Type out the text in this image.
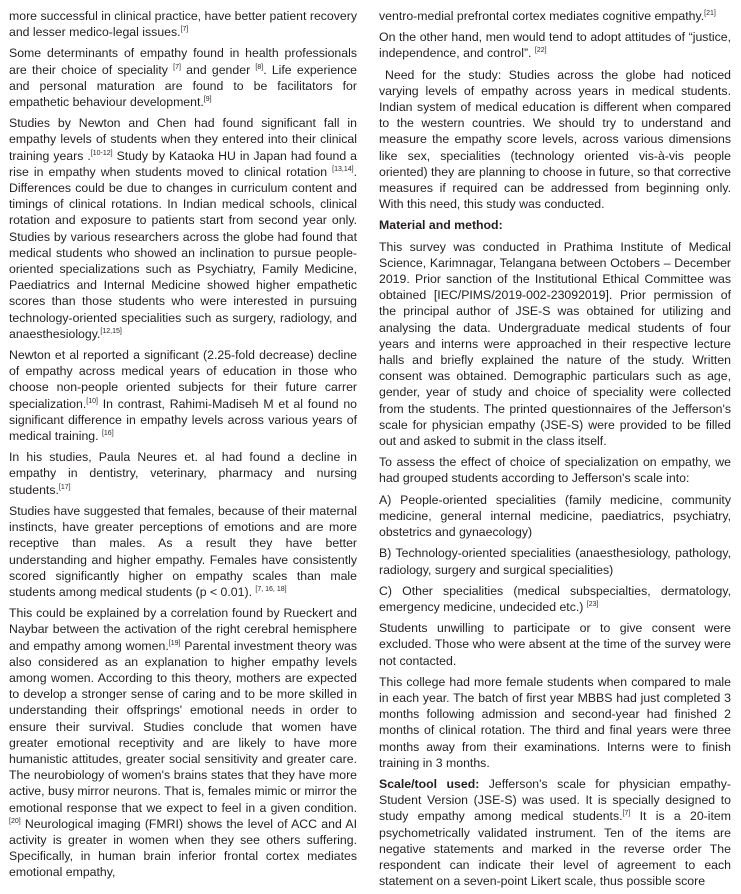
more successful in clinical practice, have better patient recovery and lesser medico-legal issues.[7]

Some determinants of empathy found in health professionals are their choice of speciality [7] and gender [8]. Life experience and personal maturation are found to be facilitators for empathetic behaviour development.[9]

Studies by Newton and Chen had found significant fall in empathy levels of students when they entered into their clinical training years .[10-12] Study by Kataoka HU in Japan had found a rise in empathy when students moved to clinical rotation [13,14]. Differences could be due to changes in curriculum content and timings of clinical rotations. In Indian medical schools, clinical rotation and exposure to patients start from second year only. Studies by various researchers across the globe had found that medical students who showed an inclination to pursue people-oriented specializations such as Psychiatry, Family Medicine, Paediatrics and Internal Medicine showed higher empathetic scores than those students who were interested in pursuing technology-oriented specialities such as surgery, radiology, and anaesthesiology.[12,15]

Newton et al reported a significant (2.25-fold decrease) decline of empathy across medical years of education in those who choose non-people oriented subjects for their future carrer specialization.[10] In contrast, Rahimi-Madiseh M et al found no significant difference in empathy levels across various years of medical training. [16]

In his studies, Paula Neures et. al had found a decline in empathy in dentistry, veterinary, pharmacy and nursing students.[17]

Studies have suggested that females, because of their maternal instincts, have greater perceptions of emotions and are more receptive than males. As a result they have better understanding and higher empathy. Females have consistently scored significantly higher on empathy scales than male students among medical students (p < 0.01). [7, 16, 18]

This could be explained by a correlation found by Rueckert and Naybar between the activation of the right cerebral hemisphere and empathy among women.[19] Parental investment theory was also considered as an explanation to higher empathy levels among women. According to this theory, mothers are expected to develop a stronger sense of caring and to be more skilled in understanding their offsprings' emotional needs in order to ensure their survival. Studies conclude that women have greater emotional receptivity and are likely to have more humanistic attitudes, greater social sensitivity and greater care. The neurobiology of women's brains states that they have more active, busy mirror neurons. That is, females mimic or mirror the emotional response that we expect to feel in a given condition.[20] Neurological imaging (FMRI) shows the level of ACC and AI activity is greater in women when they see others suffering. Specifically, in human brain inferior frontal cortex mediates emotional empathy,

ventro-medial prefrontal cortex mediates cognitive empathy.[21]

On the other hand, men would tend to adopt attitudes of “justice, independence, and control”. [22]

Need for the study: Studies across the globe had noticed varying levels of empathy across years in medical students. Indian system of medical education is different when compared to the western countries. We should try to understand and measure the empathy score levels, across various dimensions like sex, specialities (technology oriented vis-à-vis people oriented) they are planning to choose in future, so that corrective measures if required can be addressed from beginning only. With this need, this study was conducted.

Material and method:

This survey was conducted in Prathima Institute of Medical Science, Karimnagar, Telangana between Octobers – December 2019. Prior sanction of the Institutional Ethical Committee was obtained [IEC/PIMS/2019-002-23092019]. Prior permission of the principal author of JSE-S was obtained for utilizing and analysing the data. Undergraduate medical students of four years and interns were approached in their respective lecture halls and briefly explained the nature of the study. Written consent was obtained. Demographic particulars such as age, gender, year of study and choice of speciality were collected from the students. The printed questionnaires of the Jefferson's scale for physician empathy (JSE-S) were provided to be filled out and asked to submit in the class itself.

To assess the effect of choice of specialization on empathy, we had grouped students according to Jefferson's scale into:

A) People-oriented specialities (family medicine, community medicine, general internal medicine, paediatrics, psychiatry, obstetrics and gynaecology)

B) Technology-oriented specialities (anaesthesiology, pathology, radiology, surgery and surgical specialities)

C) Other specialities (medical subspecialties, dermatology, emergency medicine, undecided etc.) [23]

Students unwilling to participate or to give consent were excluded. Those who were absent at the time of the survey were not contacted.

This college had more female students when compared to male in each year. The batch of first year MBBS had just completed 3 months following admission and second-year had finished 2 months of clinical rotation. The third and final years were three months away from their examinations. Interns were to finish training in 3 months.

Scale/tool used: Jefferson's scale for physician empathy-Student Version (JSE-S) was used. It is specially designed to study empathy among medical students.[7] It is a 20-item psychometrically validated instrument. Ten of the items are negative statements and marked in the reverse order The respondent can indicate their level of agreement to each statement on a seven-point Likert scale, thus possible score
